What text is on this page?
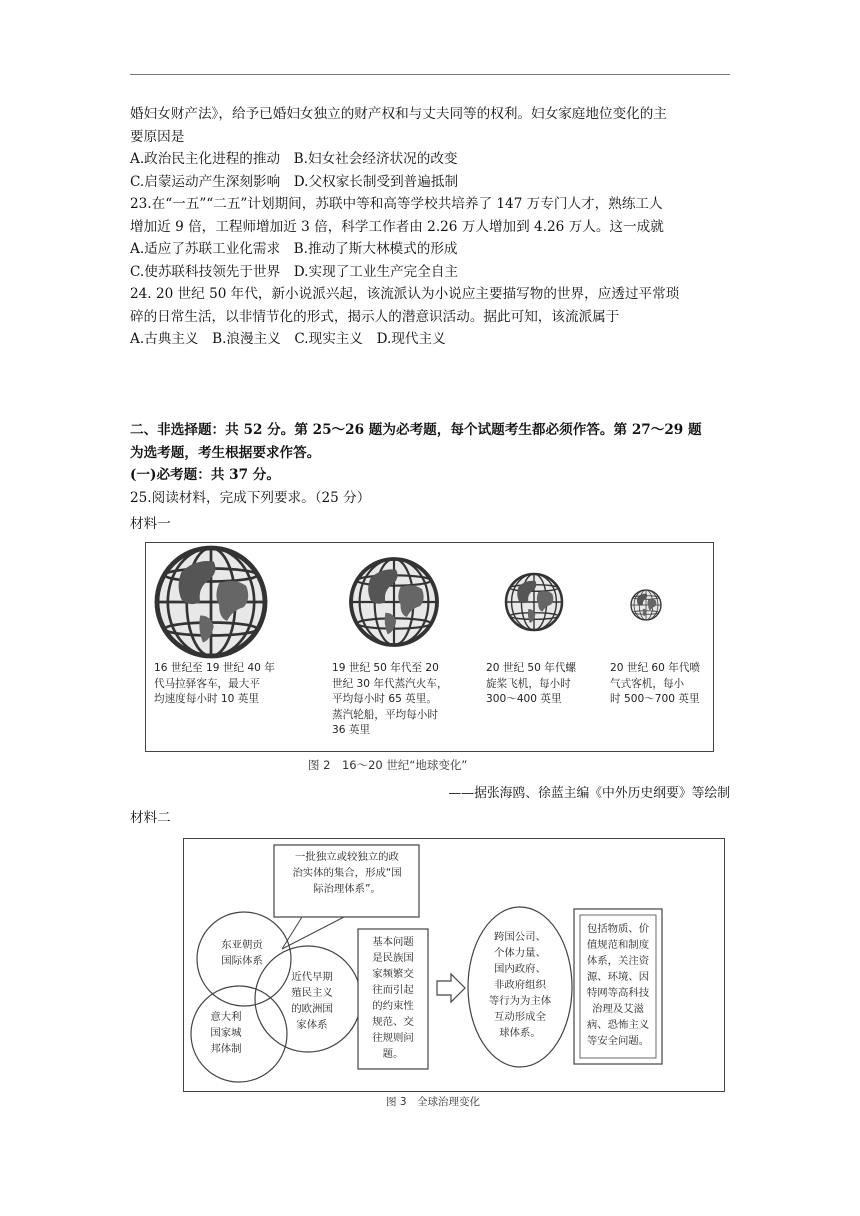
婚妇女财产法》，给予已婚妇女独立的财产权和与丈夫同等的权利。妇女家庭地位变化的主

要原因是

A.政治民主化进程的推动　B.妇女社会经济状况的改变

C.启蒙运动产生深刻影响　D.父权家长制受到普遍抵制

23.在“一五”“二五”计划期间，苏联中等和高等学校共培养了 147 万专门人才，熟练工人

增加近 9 倍，工程师增加近 3 倍，科学工作者由 2.26 万人增加到 4.26 万人。这一成就

A.适应了苏联工业化需求　B.推动了斯大林模式的形成

C.使苏联科技领先于世界　D.实现了工业生产完全自主

24. 20 世纪 50 年代，新小说派兴起，该流派认为小说应主要描写物的世界，应透过平常琐

碎的日常生活，以非情节化的形式，揭示人的潜意识活动。据此可知，该流派属于

A.古典主义　B.浪漫主义　C.现实主义　D.现代主义

二、非选择题：共 52 分。第 25～26 题为必考题，每个试题考生都必须作答。第 27～29 题

为选考题，考生根据要求作答。

(一)必考题：共 37 分。

25.阅读材料，完成下列要求。（25 分）

材料一
16 世纪至 19 世纪 40 年
代马拉驿客车，最大平
均速度每小时 10 英里
19 世纪 50 年代至 20
世纪 30 年代蒸汽火车，
平均每小时 65 英里。
蒸汽轮船，平均每小时
36 英里
20 世纪 50 年代螺
旋桨飞机，每小时
300～400 英里
20 世纪 60 年代喷
气式客机，每小
时 500～700 英里
图 2　16～20 世纪“地球变化”
——据张海鸥、徐蓝主编《中外历史纲要》等绘制
材料二
一批独立或较独立的政
治实体的集合，形成“国
际治理体系”。
东亚朝贡
国际体系
意大利
国家城
邦体制
近代早期
殖民主义
的欧洲国
家体系
基本问题
是民族国
家频繁交
往而引起
的约束性
规范、交
往规则问
题。
跨国公司、
个体力量、
国内政府、
非政府组织
等行为为主体
互动形成全
球体系。
包括物质、价
值规范和制度
体系，关注资
源、环境、因
特网等高科技
治理及艾滋
病、恐怖主义
等安全问题。
图 3　全球治理变化
